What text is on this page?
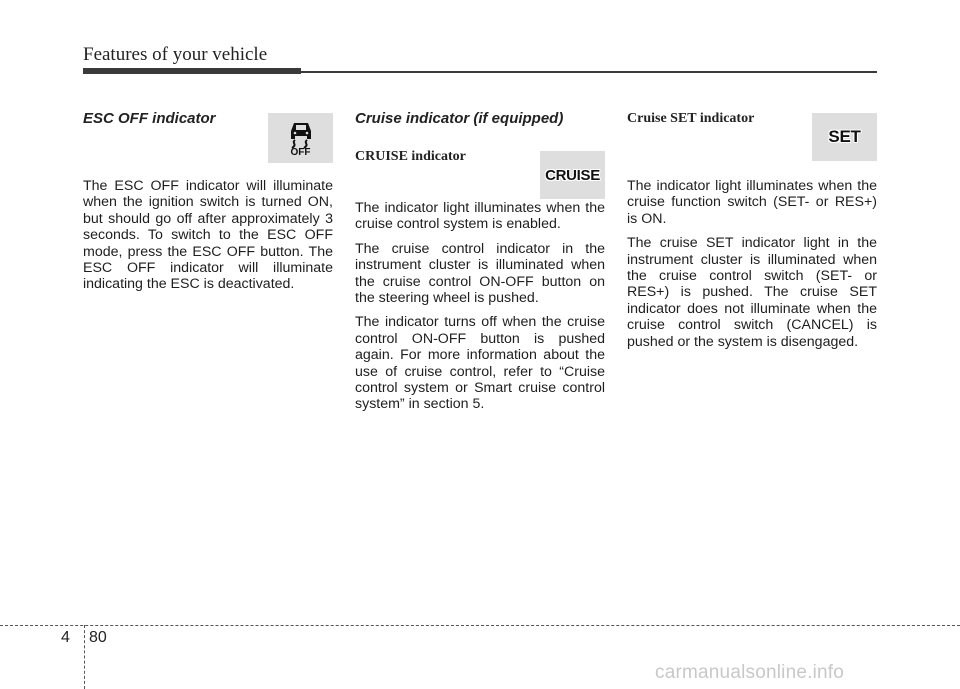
Features of your vehicle
ESC OFF indicator

The ESC OFF indicator will illuminate when the ignition switch is turned ON, but should go off after approximately 3 seconds. To switch to the ESC OFF mode, press the ESC OFF button. The ESC OFF indicator will illuminate indicating the ESC is deactivated.

OFF
Cruise indicator (if equipped)
CRUISE indicator

The indicator light illuminates when the cruise control system is enabled.

The cruise control indicator in the instrument cluster is illuminated when the cruise control ON-OFF button on the steering wheel is pushed.

The indicator turns off when the cruise control ON-OFF button is pushed again. For more information about the use of cruise control, refer to “Cruise control system or Smart cruise control system” in section 5.

CRUISE
Cruise SET indicator

The indicator light illuminates when the cruise function switch (SET- or RES+) is ON.

The cruise SET indicator light in the instrument cluster is illuminated when the cruise control switch (SET- or RES+) is pushed. The cruise SET indicator does not illuminate when the cruise control switch (CANCEL) is pushed or the system is disengaged.

SET
4 80
carmanualsonline.info
